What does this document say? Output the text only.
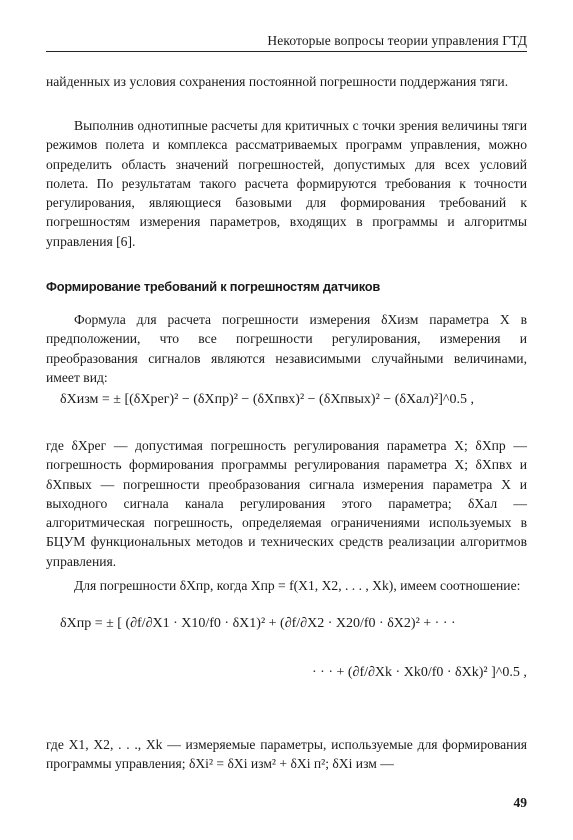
Некоторые вопросы теории управления ГТД
найденных из условия сохранения постоянной погрешности поддержания тяги.
Выполнив однотипные расчеты для критичных с точки зрения величины тяги режимов полета и комплекса рассматриваемых программ управления, можно определить область значений погрешностей, допустимых для всех условий полета. По результатам такого расчета формируются требования к точности регулирования, являющиеся базовыми для формирования требований к погрешностям измерения параметров, входящих в программы и алгоритмы управления [6].
Формирование требований к погрешностям датчиков
Формула для расчета погрешности измерения δXизм параметра X в предположении, что все погрешности регулирования, измерения и преобразования сигналов являются независимыми случайными величинами, имеет вид:
δXизм = ± [(δXрег)² − (δXпр)² − (δXпвх)² − (δXпвых)² − (δXал)²]^0.5 ,
где δXрег — допустимая погрешность регулирования параметра X; δXпр — погрешность формирования программы регулирования параметра X; δXпвх и δXпвых — погрешности преобразования сигнала измерения параметра X и выходного сигнала канала регулирования этого параметра; δXал — алгоритмическая погрешность, определяемая ограничениями используемых в БЦУМ функциональных методов и технических средств реализации алгоритмов управления.
Для погрешности δXпр, когда Xпр = f(X1, X2, . . . , Xk), имеем соотношение:
δXпр = ± [ (∂f/∂X1 · X10/f0 · δX1)² + (∂f/∂X2 · X20/f0 · δX2)² + · · ·
· · · + (∂f/∂Xk · Xk0/f0 · δXk)² ]^0.5 ,
где X1, X2, . . ., Xk — измеряемые параметры, используемые для формирования программы управления; δXi² = δXi изм² + δXi п²; δXi изм —
49
